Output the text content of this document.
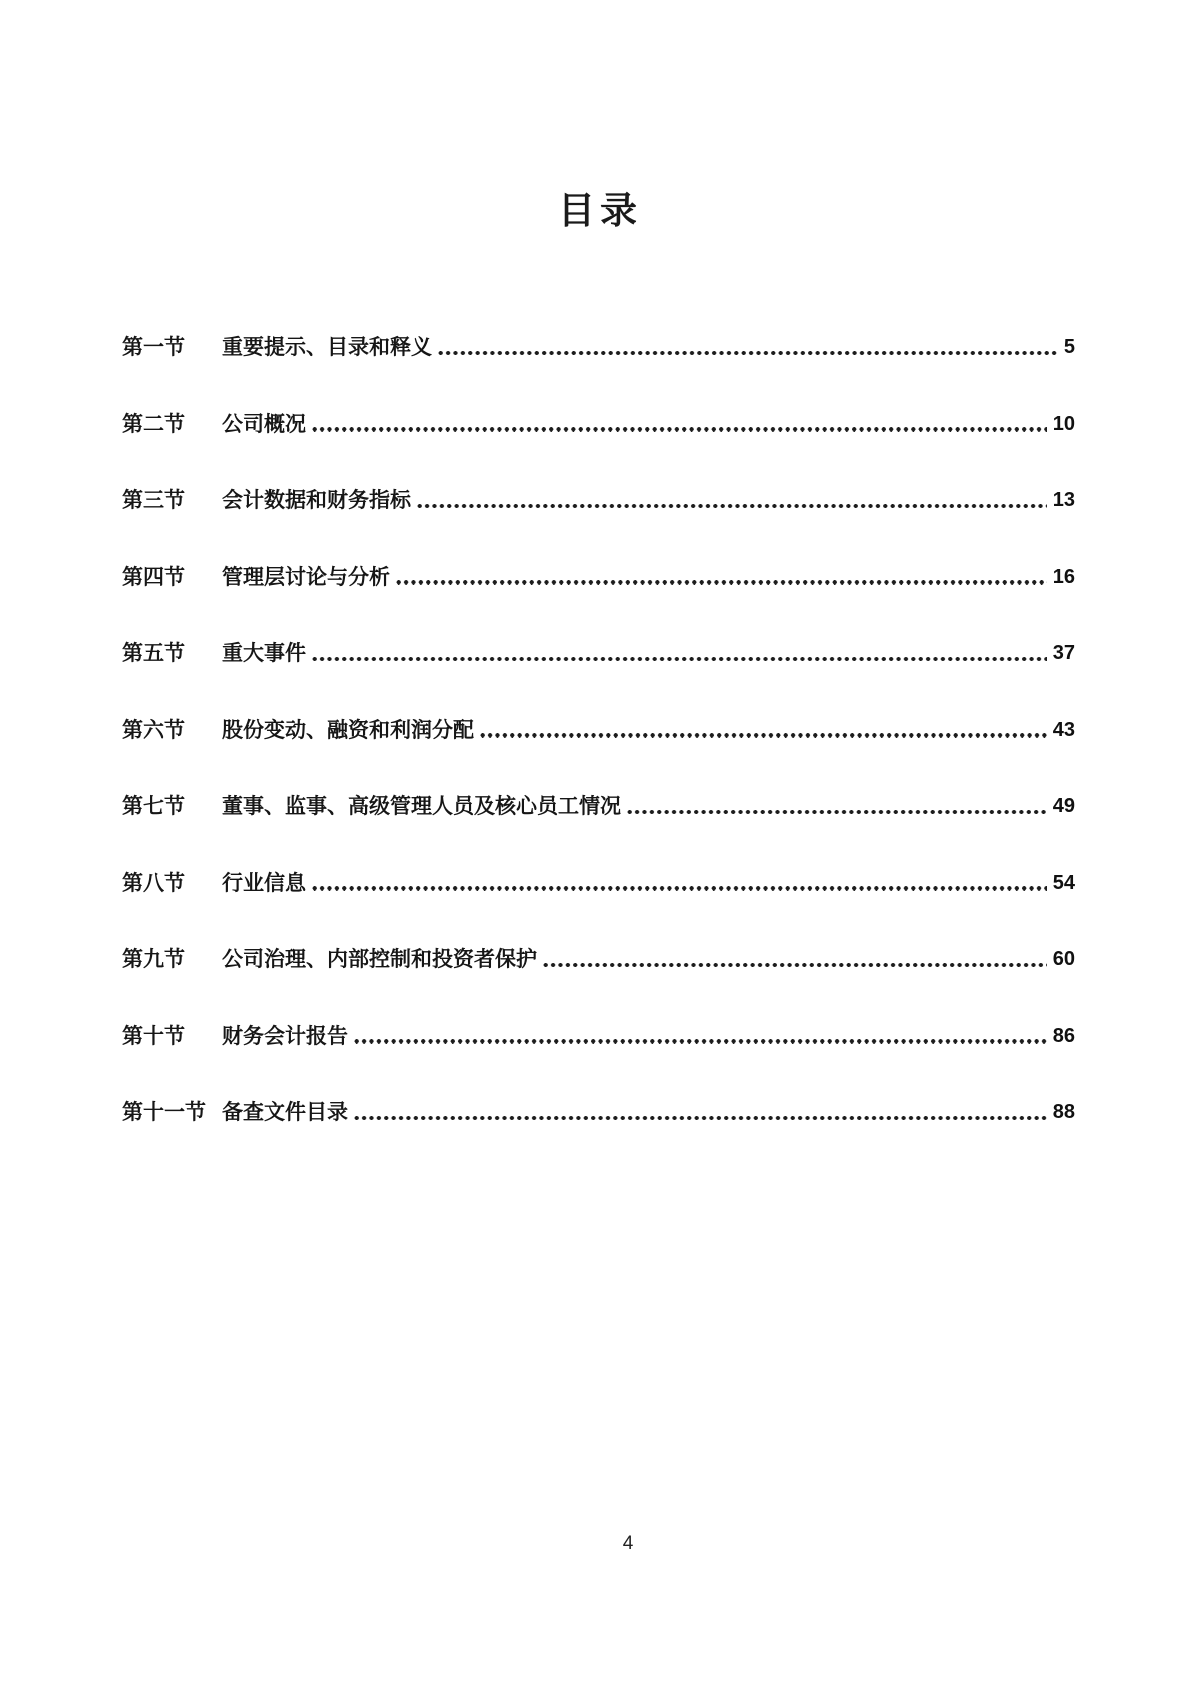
目录
第一节	重要提示、目录和释义	5
第二节	公司概况	10
第三节	会计数据和财务指标	13
第四节	管理层讨论与分析	16
第五节	重大事件	37
第六节	股份变动、融资和利润分配	43
第七节	董事、监事、高级管理人员及核心员工情况	49
第八节	行业信息	54
第九节	公司治理、内部控制和投资者保护	60
第十节	财务会计报告	86
第十一节 备查文件目录	88
4
